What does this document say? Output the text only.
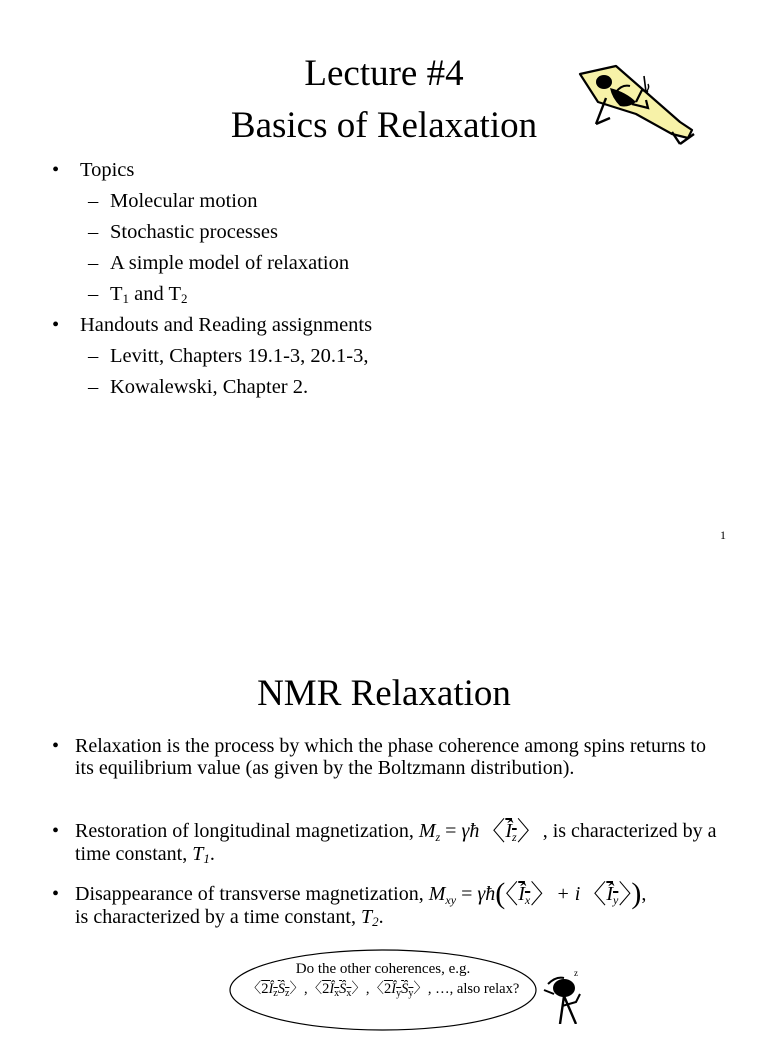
Lecture #4
Basics of Relaxation
• Topics
– Molecular motion
– Stochastic processes
– A simple model of relaxation
– $T_1$ and $T_2$
• Handouts and Reading assignments
– Levitt, Chapters 19.1-3, 20.1-3,
– Kowalewski, Chapter 2.
1
NMR Relaxation
• Relaxation is the process by which the phase coherence among spins returns to its equilibrium value (as given by the Boltzmann distribution).
• Restoration of longitudinal magnetization, $M_z$ = γħ〈$Î_z$〉, is characterized by a time constant, $T_1$.
• Disappearance of transverse magnetization, $M_{xy}$ = γħ(〈$Î_x$〉+ i〈$Î_y$〉),
is characterized by a time constant, $T_2$.
Do the other coherences, e.g.
〈$2Î_zŜ_z$〉,〈$2Î_xŜ_x$〉,〈$2Î_yŜ_y$〉, …, also relax?
z
